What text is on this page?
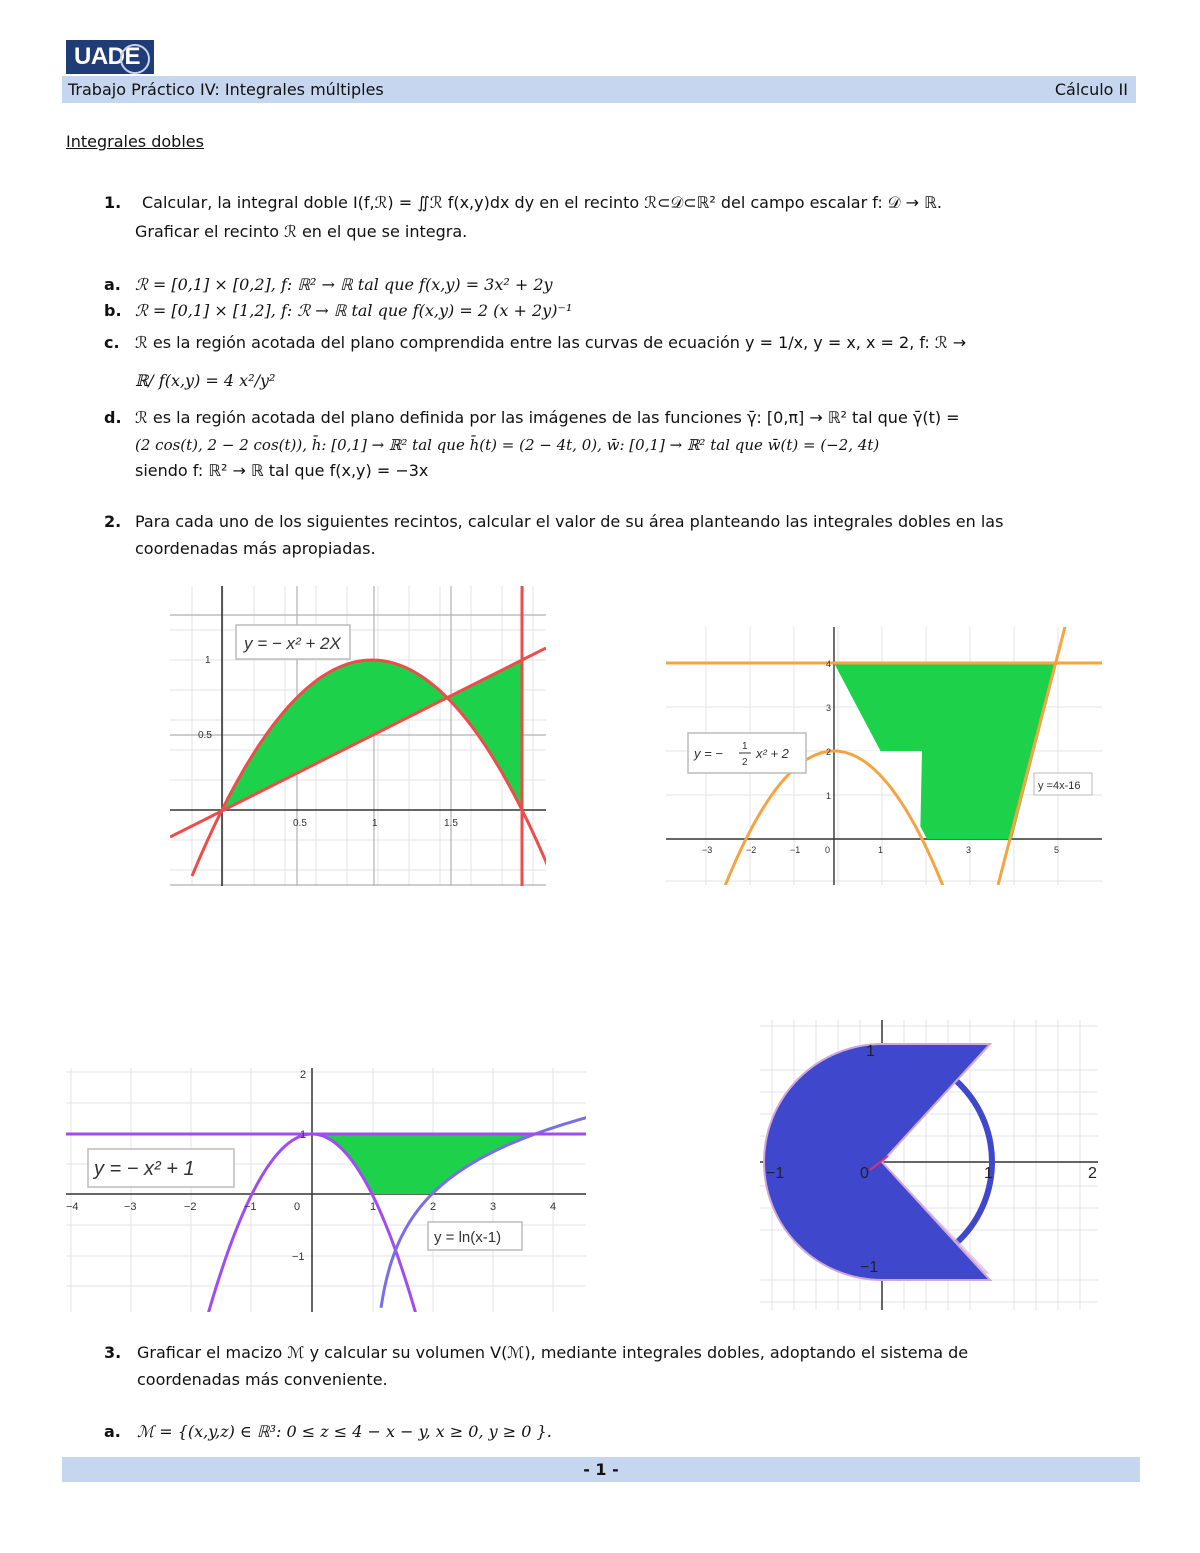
UADE
Trabajo Práctico IV: Integrales múltiples	Cálculo II
Integrales dobles
1. Calcular, la integral doble I(f,ℛ) = ∬ℛ f(x,y)dx dy en el recinto ℛ⊂𝒟⊂ℝ² del campo escalar f: 𝒟 → ℝ.
Graficar el recinto ℛ en el que se integra.
a. ℛ = [0,1] × [0,2], f: ℝ² → ℝ tal que f(x,y) = 3x² + 2y
b. ℛ = [0,1] × [1,2], f: ℛ → ℝ tal que f(x,y) = 2 (x + 2y)⁻¹
c. ℛ es la región acotada del plano comprendida entre las curvas de ecuación y = 1/x, y = x, x = 2, f: ℛ →
ℝ/ f(x,y) = 4 x²/y²
d. ℛ es la región acotada del plano definida por las imágenes de las funciones γ̄: [0,π] → ℝ² tal que γ̄(t) =
(2 cos(t), 2 − 2 cos(t)), h̄: [0,1] → ℝ² tal que h̄(t) = (2 − 4t, 0), w̄: [0,1] → ℝ² tal que w̄(t) = (−2, 4t)
siendo f: ℝ² → ℝ tal que f(x,y) = −3x
2. Para cada uno de los siguientes recintos, calcular el valor de su área planteando las integrales dobles en las
coordenadas más apropiadas.
0.5	1	1.5
1
0.5
y = − x² + 2X
−3	−2	−1	0	1	3	5
4
3
2
1
y = − 1
2
x² + 2
y =4x-16
−4	−3	−2	−1	0	1	2	3	4
2
1
−1
y = − x² + 1
y = ln(x-1)
−1	0	1	2
1
−1
3. Graficar el macizo ℳ y calcular su volumen V(ℳ), mediante integrales dobles, adoptando el sistema de
coordenadas más conveniente.
a. ℳ = {(x,y,z) ∈ ℝ³: 0 ≤ z ≤ 4 − x − y, x ≥ 0, y ≥ 0 }.
- 1 -
